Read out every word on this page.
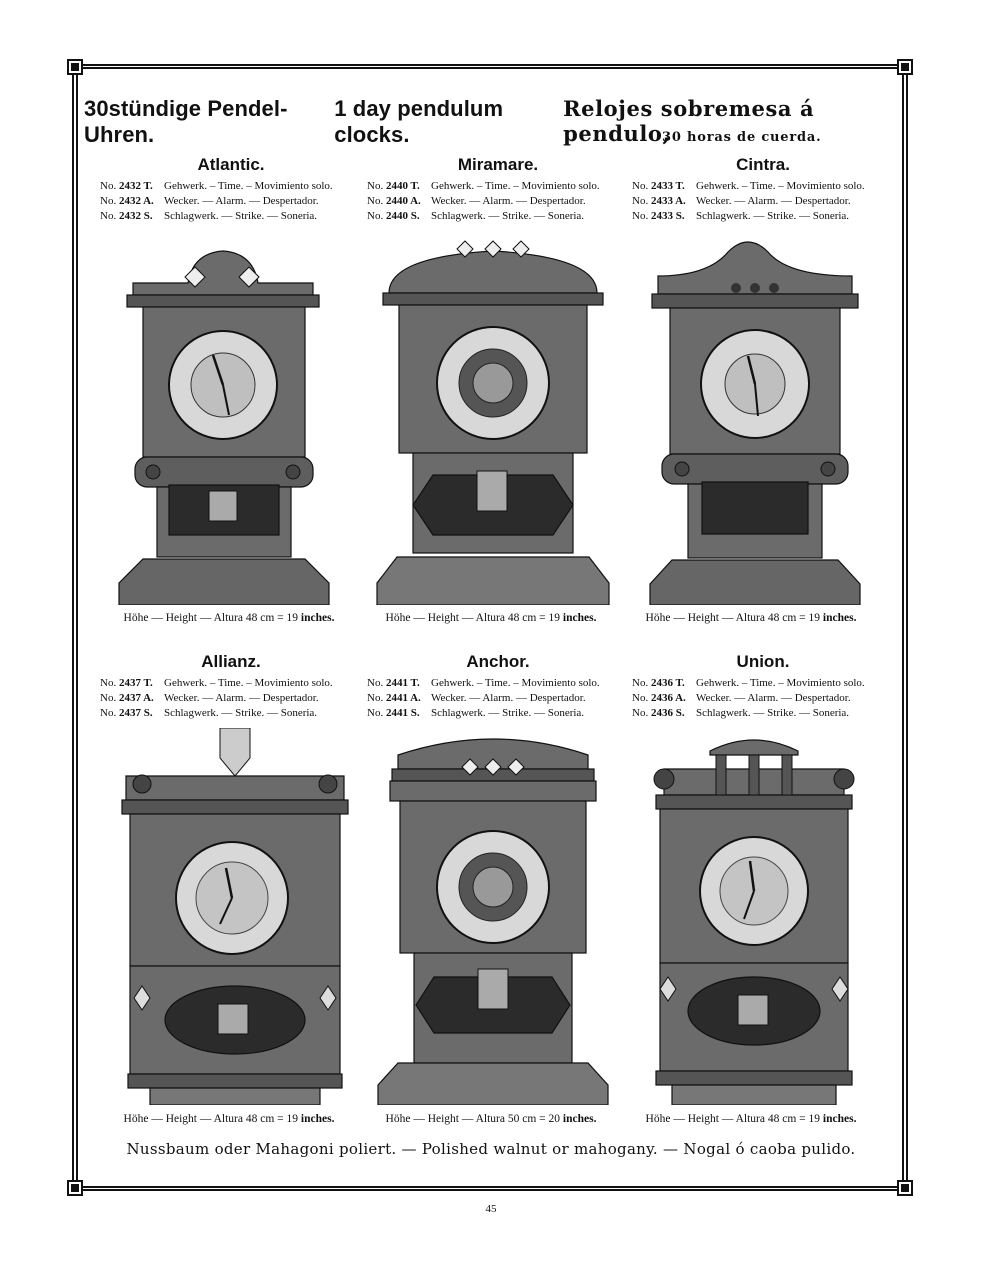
30stündige Pendel-Uhren.
1 day pendulum clocks.
Relojes sobremesa á pendulo,
30 horas de cuerda.
Atlantic.
No. 2432 T.	Gehwerk. – Time. – Movimiento solo.
No. 2432 A. Wecker. — Alarm. — Despertador.
No. 2432 S.	Schlagwerk. — Strike. — Soneria.
Miramare.
No. 2440 T.	Gehwerk. – Time. – Movimiento solo.
No. 2440 A. Wecker. — Alarm. — Despertador.
No. 2440 S.	Schlagwerk. — Strike. — Soneria.
Cintra.
No. 2433 T.	Gehwerk. – Time. – Movimiento solo.
No. 2433 A. Wecker. — Alarm. — Despertador.
No. 2433 S.	Schlagwerk. — Strike. — Soneria.
Allianz.
No. 2437 T.	Gehwerk. – Time. – Movimiento solo.
No. 2437 A. Wecker. — Alarm. — Despertador.
No. 2437 S.	Schlagwerk. — Strike. — Soneria.
Anchor.
No. 2441 T.	Gehwerk. – Time. – Movimiento solo.
No. 2441 A. Wecker. — Alarm. — Despertador.
No. 2441 S.	Schlagwerk. — Strike. — Soneria.
Union.
No. 2436 T.	Gehwerk. – Time. – Movimiento solo.
No. 2436 A. Wecker. — Alarm. –– Despertador.
No. 2436 S.	Schlagwerk. — Strike. — Soneria.
Höhe — Height — Altura 48 cm = 19 inches.	Höhe — Height — Altura 48 cm = 19 inches.	Höhe — Height — Altura 48 cm = 19 inches.
Höhe — Height — Altura 48 cm = 19 inches.	Höhe — Height — Altura 50 cm = 20 inches.	Höhe — Height — Altura 48 cm = 19 inches.
Nussbaum oder Mahagoni poliert. — Polished walnut or mahogany. — Nogal ó caoba pulido.
45
